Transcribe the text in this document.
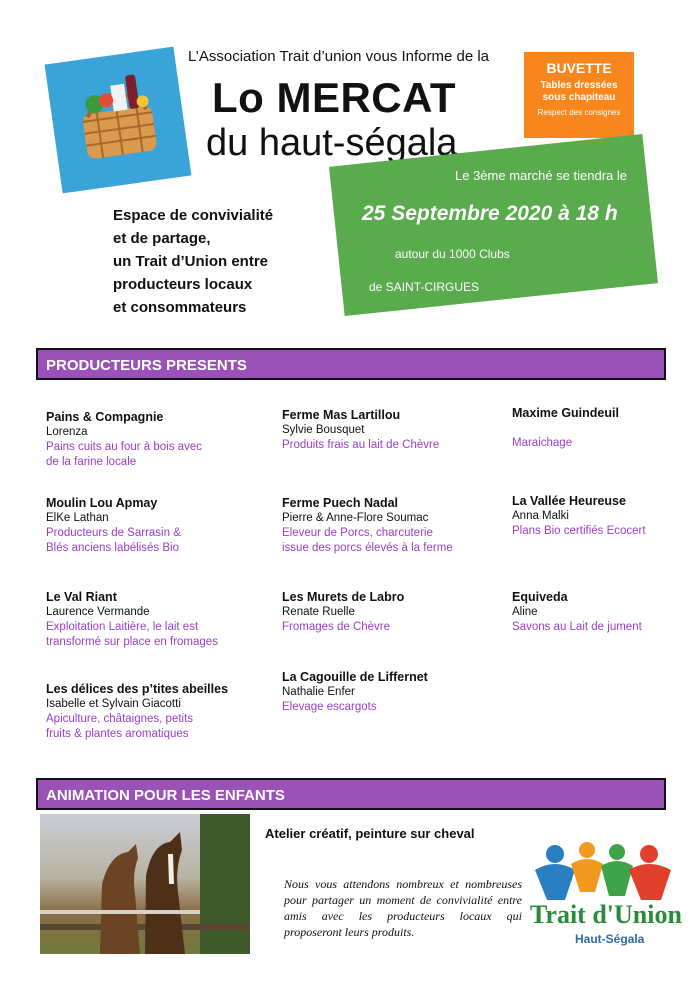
L’Association Trait d’union vous Informe de la
Lo MERCAT
du haut-ségala
BUVETTE
Tables dressées
sous chapiteau
Respect des consignes
Le 3ème marché se tiendra le
25 Septembre 2020 à 18 h
autour du 1000 Clubs
de SAINT-CIRGUES
Espace de convivialité
et de partage,
un Trait d’Union entre
producteurs locaux
et consommateurs
PRODUCTEURS PRESENTS
Pains & Compagnie
Lorenza
Pains cuits au four à bois avec
de la farine locale
Moulin Lou Apmay
ElKe Lathan
Producteurs de Sarrasin &
Blés anciens labélisés Bio
Le Val Riant
Laurence Vermande
Exploitation Laitière, le lait est
transformé sur place en fromages
Les délices des p’tites abeilles
Isabelle et Sylvain Giacotti
Apiculture, châtaignes, petits
fruits & plantes aromatiques
Ferme Mas Lartillou
Sylvie Bousquet
Produits frais au lait de Chèvre
Ferme Puech Nadal
Pierre & Anne-Flore Soumac
Eleveur de Porcs, charcuterie
issue des porcs élevés à la ferme
Les Murets de Labro
Renate Ruelle
Fromages de Chèvre
La Cagouille de Liffernet
Nathalie Enfer
Elevage escargots
Maxime Guindeuil
Maraichage
La Vallée Heureuse
Anna Malki
Plans Bio certifiés Ecocert
Equiveda
Aline
Savons au Lait de jument
ANIMATION POUR LES ENFANTS
Atelier créatif, peinture sur cheval
Nous vous attendons nombreux et nombreuses pour partager un moment de convivialité entre amis avec les producteurs locaux qui proposeront leurs produits.
Trait d'Union
Haut-Ségala
